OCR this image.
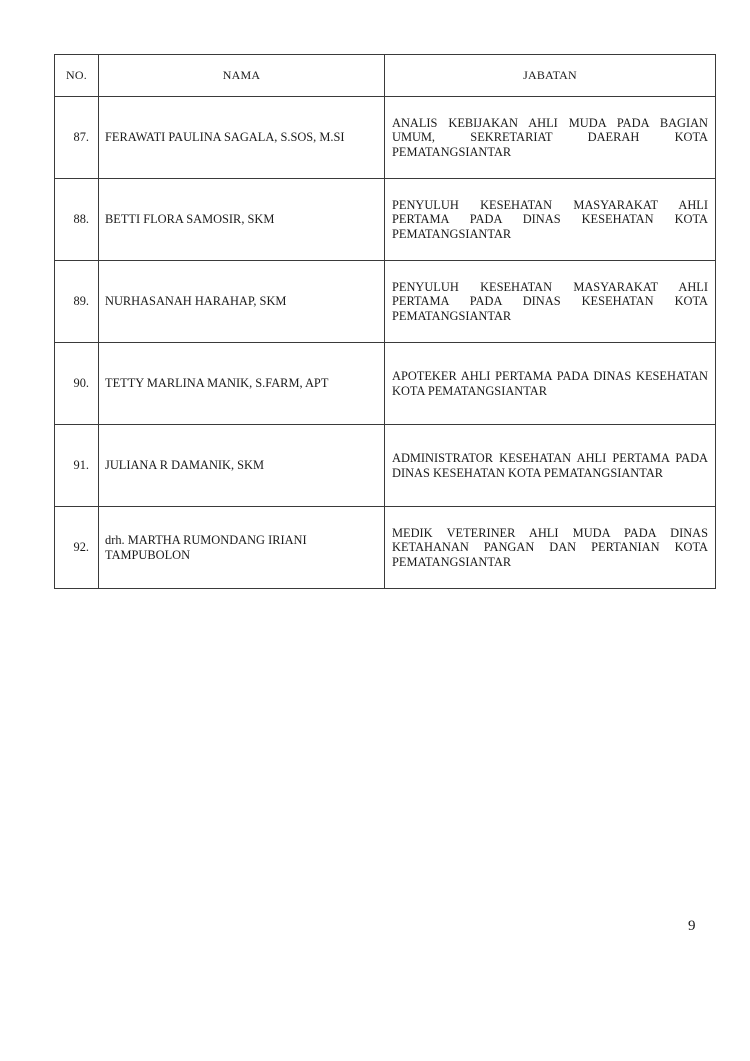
NO.	NAMA	JABATAN
87.	FERAWATI PAULINA SAGALA, S.SOS, M.SI	ANALIS KEBIJAKAN AHLI MUDA PADA BAGIAN UMUM, SEKRETARIAT DAERAH KOTA PEMATANGSIANTAR
88.	BETTI FLORA SAMOSIR, SKM	PENYULUH KESEHATAN MASYARAKAT AHLI PERTAMA PADA DINAS KESEHATAN KOTA PEMATANGSIANTAR
89.	NURHASANAH HARAHAP, SKM	PENYULUH KESEHATAN MASYARAKAT AHLI PERTAMA PADA DINAS KESEHATAN KOTA PEMATANGSIANTAR
90.	TETTY MARLINA MANIK, S.FARM, APT	APOTEKER AHLI PERTAMA PADA DINAS KESEHATAN KOTA PEMATANGSIANTAR
91.	JULIANA R DAMANIK, SKM	ADMINISTRATOR KESEHATAN AHLI PERTAMA PADA DINAS KESEHATAN KOTA PEMATANGSIANTAR
92.	drh. MARTHA RUMONDANG IRIANI TAMPUBOLON	MEDIK VETERINER AHLI MUDA PADA DINAS KETAHANAN PANGAN DAN PERTANIAN KOTA PEMATANGSIANTAR
9
